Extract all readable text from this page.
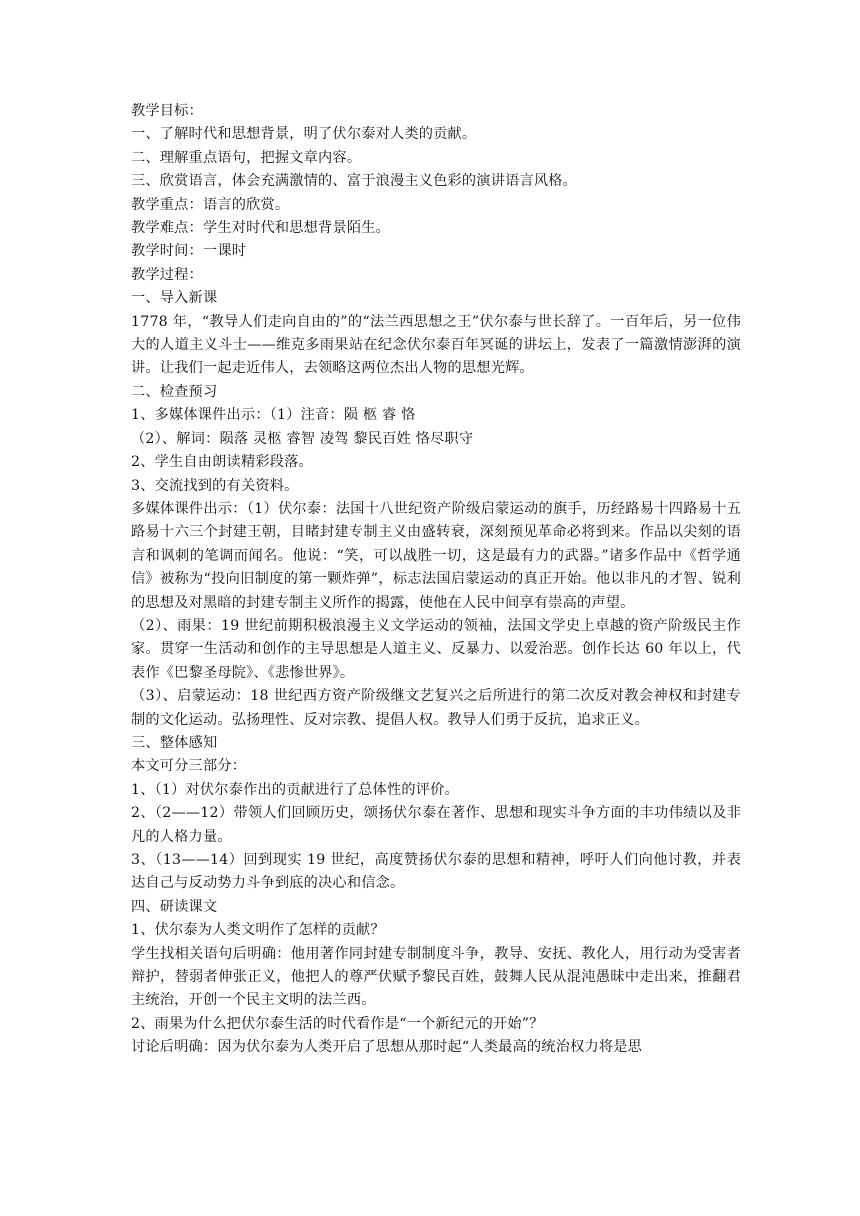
教学目标：

一、了解时代和思想背景，明了伏尔泰对人类的贡献。

二、理解重点语句，把握文章内容。

三、欣赏语言，体会充满激情的、富于浪漫主义色彩的演讲语言风格。

教学重点：语言的欣赏。

教学难点：学生对时代和思想背景陌生。

教学时间：一课时

教学过程：

一、导入新课

1778 年，“教导人们走向自由的”的“法兰西思想之王”伏尔泰与世长辞了。一百年后，另一位伟大的人道主义斗士——维克多雨果站在纪念伏尔泰百年冥诞的讲坛上，发表了一篇激情澎湃的演讲。让我们一起走近伟人，去领略这两位杰出人物的思想光辉。

二、检查预习

1、多媒体课件出示：（1）注音：陨 柩 睿 恪

（2）、解词：陨落 灵柩 睿智 凌驾 黎民百姓 恪尽职守

2、学生自由朗读精彩段落。

3、交流找到的有关资料。

多媒体课件出示：（1）伏尔泰：法国十八世纪资产阶级启蒙运动的旗手，历经路易十四路易十五路易十六三个封建王朝，目睹封建专制主义由盛转衰，深刻预见革命必将到来。作品以尖刻的语言和讽刺的笔调而闻名。他说：“笑，可以战胜一切，这是最有力的武器。”诸多作品中《哲学通信》被称为“投向旧制度的第一颗炸弹”，标志法国启蒙运动的真正开始。他以非凡的才智、锐利的思想及对黑暗的封建专制主义所作的揭露，使他在人民中间享有崇高的声望。

（2）、雨果：19 世纪前期积极浪漫主义文学运动的领袖，法国文学史上卓越的资产阶级民主作家。贯穿一生活动和创作的主导思想是人道主义、反暴力、以爱治恶。创作长达 60 年以上，代表作《巴黎圣母院》、《悲惨世界》。

（3）、启蒙运动：18 世纪西方资产阶级继文艺复兴之后所进行的第二次反对教会神权和封建专制的文化运动。弘扬理性、反对宗教、提倡人权。教导人们勇于反抗，追求正义。

三、整体感知

本文可分三部分：

1、（1）对伏尔泰作出的贡献进行了总体性的评价。

2、（2——12）带领人们回顾历史，颂扬伏尔泰在著作、思想和现实斗争方面的丰功伟绩以及非凡的人格力量。

3、（13——14）回到现实 19 世纪，高度赞扬伏尔泰的思想和精神，呼吁人们向他讨教，并表达自己与反动势力斗争到底的决心和信念。

四、研读课文

1、伏尔泰为人类文明作了怎样的贡献？

学生找相关语句后明确：他用著作同封建专制制度斗争，教导、安抚、教化人，用行动为受害者辩护，替弱者伸张正义，他把人的尊严伏赋予黎民百姓，鼓舞人民从混沌愚昧中走出来，推翻君主统治，开创一个民主文明的法兰西。

2、雨果为什么把伏尔泰生活的时代看作是“一个新纪元的开始”？

讨论后明确：因为伏尔泰为人类开启了思想从那时起“人类最高的统治权力将是思
